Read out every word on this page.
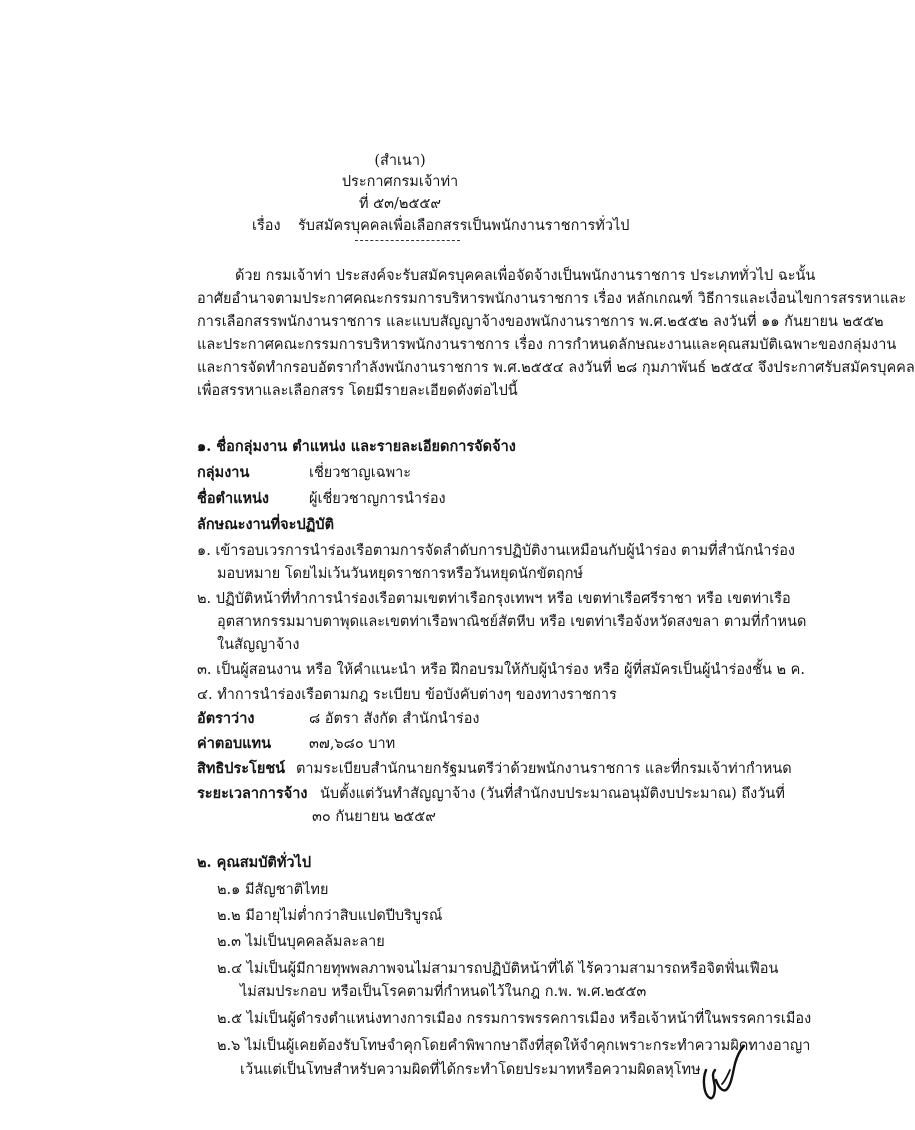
(สำเนา)
ประกาศกรมเจ้าท่า
ที่ ๕๓/๒๕๕๙
เรื่อง รับสมัครบุคคลเพื่อเลือกสรรเป็นพนักงานราชการทั่วไป
ด้วย กรมเจ้าท่า ประสงค์จะรับสมัครบุคคลเพื่อจัดจ้างเป็นพนักงานราชการ ประเภททั่วไป ฉะนั้น
อาศัยอำนาจตามประกาศคณะกรรมการบริหารพนักงานราชการ เรื่อง หลักเกณฑ์ วิธีการและเงื่อนไขการสรรหาและ
การเลือกสรรพนักงานราชการ และแบบสัญญาจ้างของพนักงานราชการ พ.ศ.๒๕๕๒ ลงวันที่ ๑๑ กันยายน ๒๕๕๒
และประกาศคณะกรรมการบริหารพนักงานราชการ เรื่อง การกำหนดลักษณะงานและคุณสมบัติเฉพาะของกลุ่มงาน
และการจัดทำกรอบอัตรากำลังพนักงานราชการ พ.ศ.๒๕๕๔ ลงวันที่ ๒๘ กุมภาพันธ์ ๒๕๕๔ จึงประกาศรับสมัครบุคคล
เพื่อสรรหาและเลือกสรร โดยมีรายละเอียดดังต่อไปนี้
๑. ชื่อกลุ่มงาน ตำแหน่ง และรายละเอียดการจัดจ้าง
กลุ่มงาน	เชี่ยวชาญเฉพาะ
ชื่อตำแหน่ง	ผู้เชี่ยวชาญการนำร่อง
ลักษณะงานที่จะปฏิบัติ
๑. เข้ารอบเวรการนำร่องเรือตามการจัดลำดับการปฏิบัติงานเหมือนกับผู้นำร่อง ตามที่สำนักนำร่อง
มอบหมาย โดยไม่เว้นวันหยุดราชการหรือวันหยุดนักขัตฤกษ์
๒. ปฏิบัติหน้าที่ทำการนำร่องเรือตามเขตท่าเรือกรุงเทพฯ หรือ เขตท่าเรือศรีราชา หรือ เขตท่าเรือ
อุตสาหกรรมมาบตาพุดและเขตท่าเรือพาณิชย์สัตหีบ หรือ เขตท่าเรือจังหวัดสงขลา ตามที่กำหนด
ในสัญญาจ้าง
๓. เป็นผู้สอนงาน หรือ ให้คำแนะนำ หรือ ฝึกอบรมให้กับผู้นำร่อง หรือ ผู้ที่สมัครเป็นผู้นำร่องชั้น ๒ ค.
๔. ทำการนำร่องเรือตามกฎ ระเบียบ ข้อบังคับต่างๆ ของทางราชการ
อัตราว่าง	๘ อัตรา สังกัด สำนักนำร่อง
ค่าตอบแทน	๓๗,๖๘๐ บาท
สิทธิประโยชน์ ตามระเบียบสำนักนายกรัฐมนตรีว่าด้วยพนักงานราชการ และที่กรมเจ้าท่ากำหนด
ระยะเวลาการจ้าง นับตั้งแต่วันทำสัญญาจ้าง (วันที่สำนักงบประมาณอนุมัติงบประมาณ) ถึงวันที่
๓๐ กันยายน ๒๕๕๙
๒. คุณสมบัติทั่วไป
๒.๑ มีสัญชาติไทย
๒.๒ มีอายุไม่ต่ำกว่าสิบแปดปีบริบูรณ์
๒.๓ ไม่เป็นบุคคลล้มละลาย
๒.๔ ไม่เป็นผู้มีกายทุพพลภาพจนไม่สามารถปฏิบัติหน้าที่ได้ ไร้ความสามารถหรือจิตฟั่นเฟือน
ไม่สมประกอบ หรือเป็นโรคตามที่กำหนดไว้ในกฎ ก.พ. พ.ศ.๒๕๕๓
๒.๕ ไม่เป็นผู้ดำรงตำแหน่งทางการเมือง กรรมการพรรคการเมือง หรือเจ้าหน้าที่ในพรรคการเมือง
๒.๖ ไม่เป็นผู้เคยต้องรับโทษจำคุกโดยคำพิพากษาถึงที่สุดให้จำคุกเพราะกระทำความผิดทางอาญา
เว้นแต่เป็นโทษสำหรับความผิดที่ได้กระทำโดยประมาทหรือความผิดลหุโทษ
